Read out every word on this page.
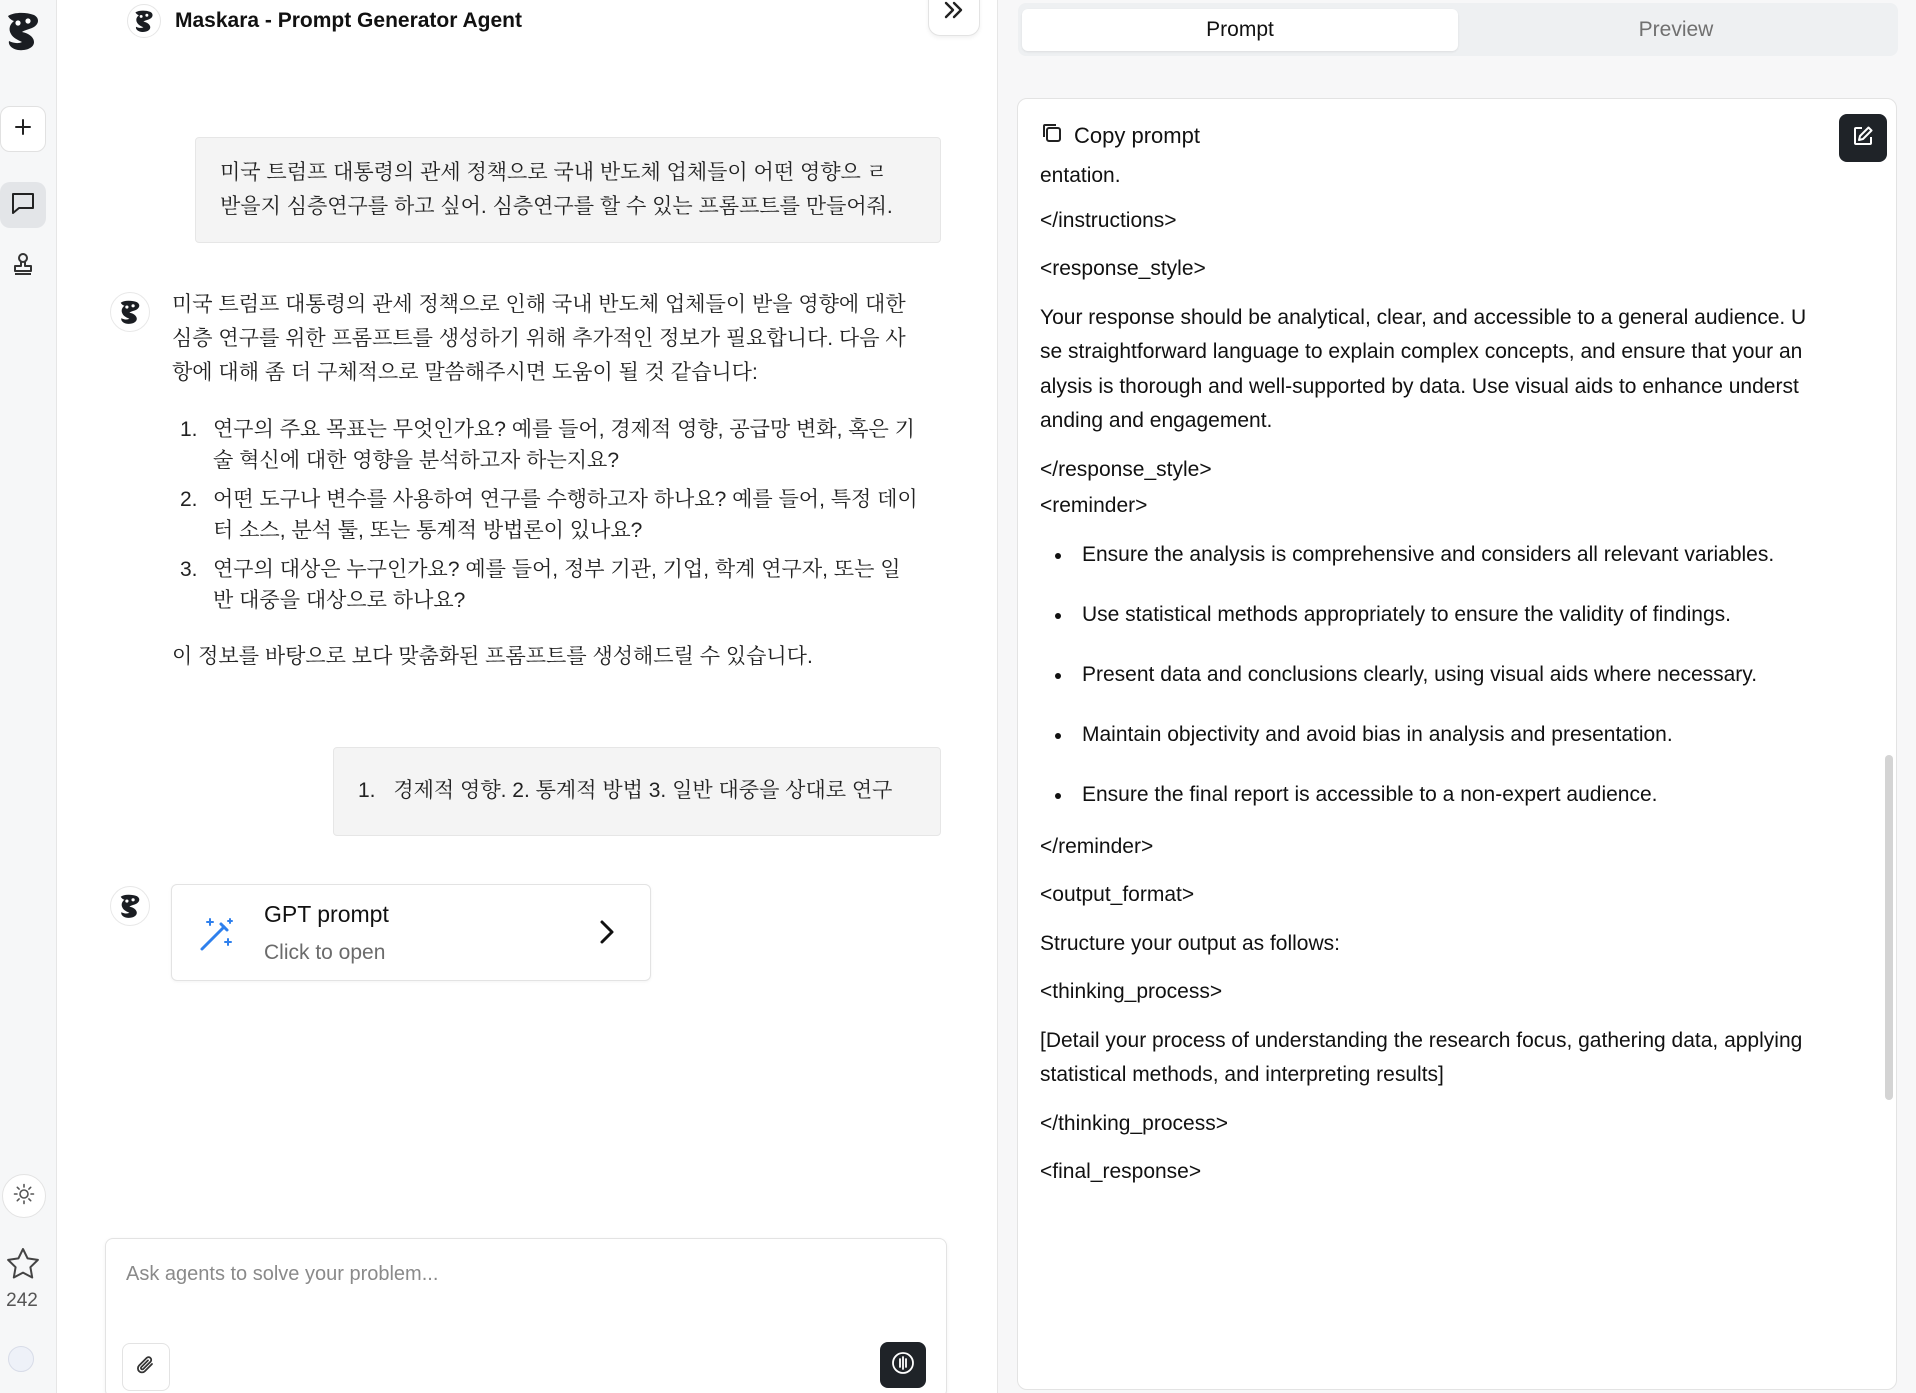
242
Maskara - Prompt Generator Agent
미국 트럼프 대통령의 관세 정책으로 국내 반도체 업체들이 어떤 영향으 ㄹ
받을지 심층연구를 하고 싶어. 심층연구를 할 수 있는 프롬프트를 만들어줘.
미국 트럼프 대통령의 관세 정책으로 인해 국내 반도체 업체들이 받을 영향에 대한
심층 연구를 위한 프롬프트를 생성하기 위해 추가적인 정보가 필요합니다. 다음 사
항에 대해 좀 더 구체적으로 말씀해주시면 도움이 될 것 같습니다:
1. 연구의 주요 목표는 무엇인가요? 예를 들어, 경제적 영향, 공급망 변화, 혹은 기
술 혁신에 대한 영향을 분석하고자 하는지요?
2. 어떤 도구나 변수를 사용하여 연구를 수행하고자 하나요? 예를 들어, 특정 데이
터 소스, 분석 툴, 또는 통계적 방법론이 있나요?
3. 연구의 대상은 누구인가요? 예를 들어, 정부 기관, 기업, 학계 연구자, 또는 일
반 대중을 대상으로 하나요?
이 정보를 바탕으로 보다 맞춤화된 프롬프트를 생성해드릴 수 있습니다.
1. 경제적 영향. 2. 통계적 방법 3. 일반 대중을 상대로 연구
GPT prompt
Click to open
Ask agents to solve your problem...
Prompt	Preview
Copy prompt
entation.
</instructions>
<response_style>
Your response should be analytical, clear, and accessible to a general audience. U
se straightforward language to explain complex concepts, and ensure that your an
alysis is thorough and well-supported by data. Use visual aids to enhance underst
anding and engagement.
</response_style>
<reminder>
Ensure the analysis is comprehensive and considers all relevant variables.
Use statistical methods appropriately to ensure the validity of findings.
Present data and conclusions clearly, using visual aids where necessary.
Maintain objectivity and avoid bias in analysis and presentation.
Ensure the final report is accessible to a non-expert audience.
</reminder>
<output_format>
Structure your output as follows:
<thinking_process>
[Detail your process of understanding the research focus, gathering data, applying
statistical methods, and interpreting results]
</thinking_process>
<final_response>
